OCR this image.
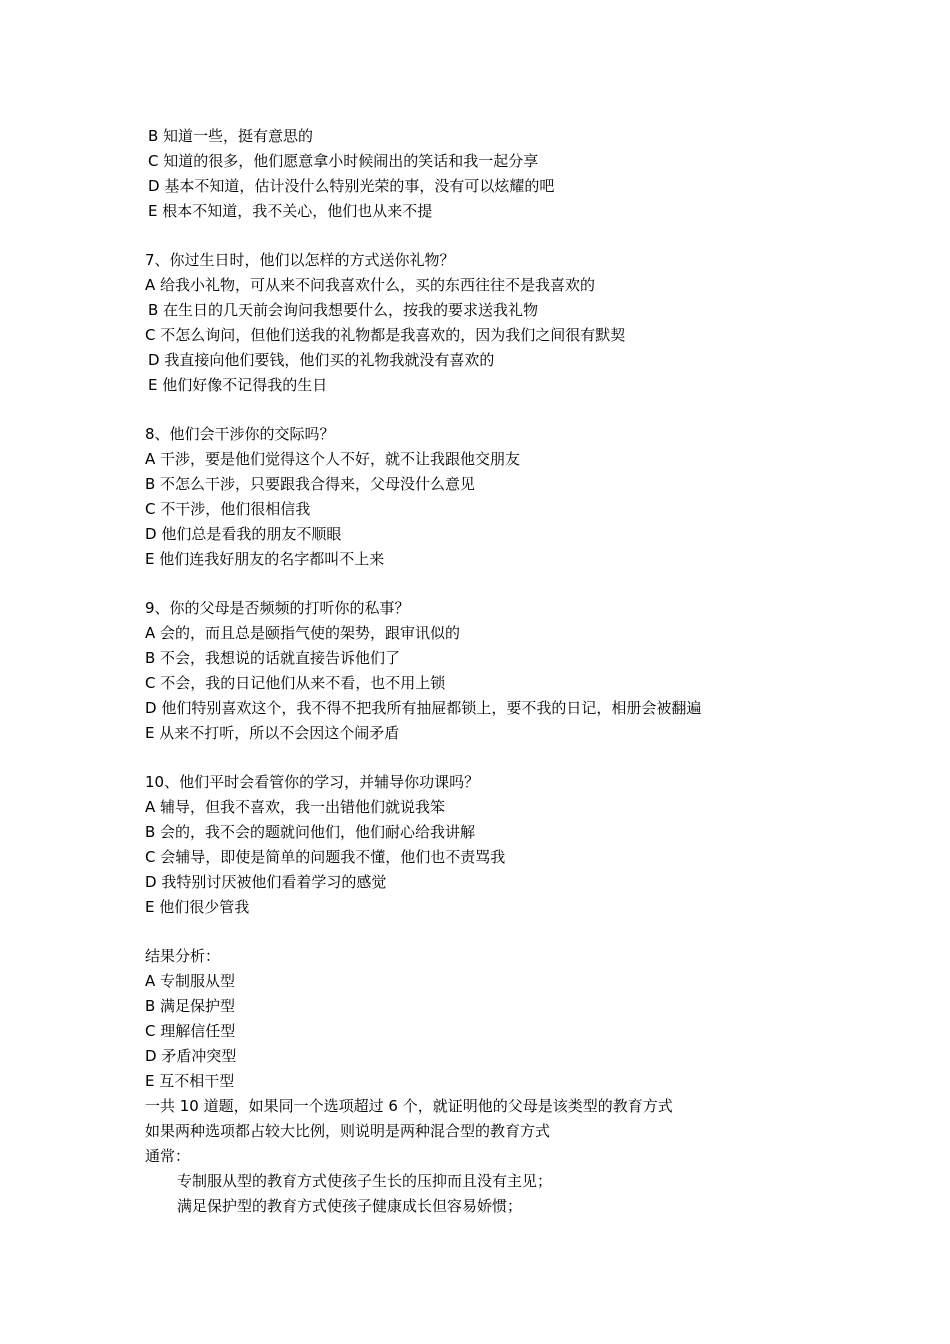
B 知道一些，挺有意思的
C 知道的很多，他们愿意拿小时候闹出的笑话和我一起分享
D 基本不知道，估计没什么特别光荣的事，没有可以炫耀的吧
E 根本不知道，我不关心，他们也从来不提
7、你过生日时，他们以怎样的方式送你礼物？
A 给我小礼物，可从来不问我喜欢什么，买的东西往往不是我喜欢的
B 在生日的几天前会询问我想要什么，按我的要求送我礼物
C 不怎么询问，但他们送我的礼物都是我喜欢的，因为我们之间很有默契
D 我直接向他们要钱，他们买的礼物我就没有喜欢的
E 他们好像不记得我的生日
8、他们会干涉你的交际吗？
A 干涉，要是他们觉得这个人不好，就不让我跟他交朋友
B 不怎么干涉，只要跟我合得来，父母没什么意见
C 不干涉，他们很相信我
D 他们总是看我的朋友不顺眼
E 他们连我好朋友的名字都叫不上来
9、你的父母是否频频的打听你的私事？
A 会的，而且总是颐指气使的架势，跟审讯似的
B 不会，我想说的话就直接告诉他们了
C 不会，我的日记他们从来不看，也不用上锁
D 他们特别喜欢这个，我不得不把我所有抽屉都锁上，要不我的日记，相册会被翻遍
E 从来不打听，所以不会因这个闹矛盾
10、他们平时会看管你的学习，并辅导你功课吗？
A 辅导，但我不喜欢，我一出错他们就说我笨
B 会的，我不会的题就问他们，他们耐心给我讲解
C 会辅导，即使是简单的问题我不懂，他们也不责骂我
D 我特别讨厌被他们看着学习的感觉
E 他们很少管我
结果分析：
A 专制服从型
B 满足保护型
C 理解信任型
D 矛盾冲突型
E 互不相干型
一共 10 道题，如果同一个选项超过 6 个，就证明他的父母是该类型的教育方式
如果两种选项都占较大比例，则说明是两种混合型的教育方式
通常：
专制服从型的教育方式使孩子生长的压抑而且没有主见；
满足保护型的教育方式使孩子健康成长但容易娇惯；
